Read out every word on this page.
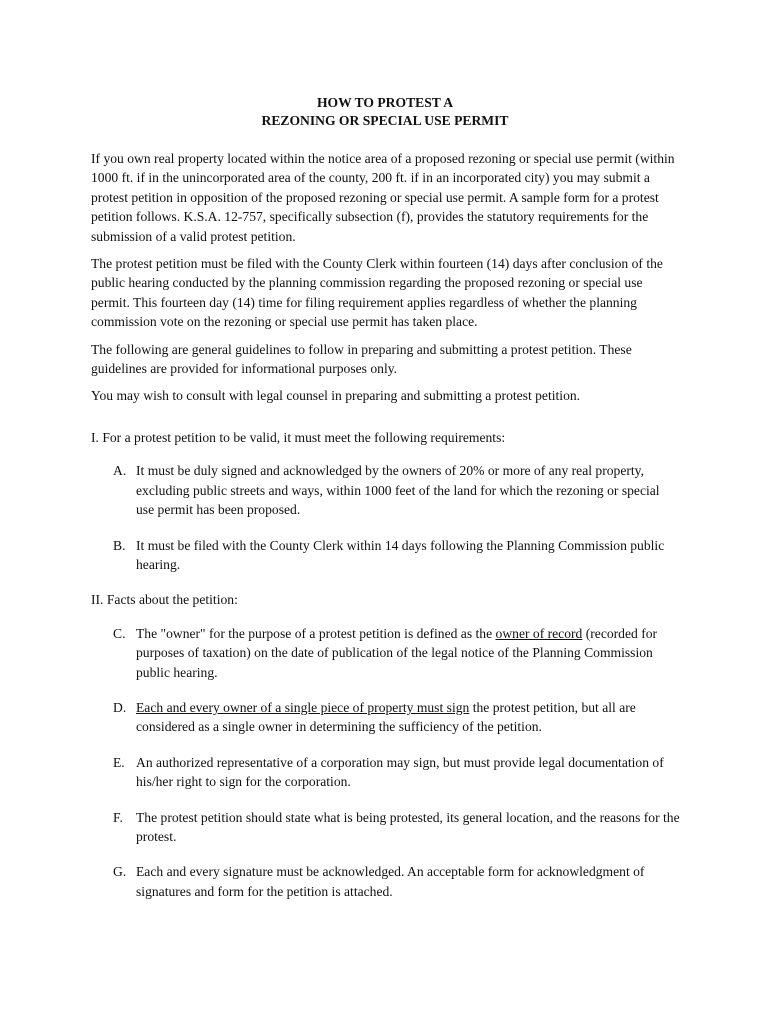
HOW TO PROTEST A
REZONING OR SPECIAL USE PERMIT

If you own real property located within the notice area of a proposed rezoning or special use permit (within 1000 ft. if in the unincorporated area of the county, 200 ft. if in an incorporated city) you may submit a protest petition in opposition of the proposed rezoning or special use permit. A sample form for a protest petition follows. K.S.A. 12-757, specifically subsection (f), provides the statutory requirements for the submission of a valid protest petition.

The protest petition must be filed with the County Clerk within fourteen (14) days after conclusion of the public hearing conducted by the planning commission regarding the proposed rezoning or special use permit. This fourteen day (14) time for filing requirement applies regardless of whether the planning commission vote on the rezoning or special use permit has taken place.

The following are general guidelines to follow in preparing and submitting a protest petition. These guidelines are provided for informational purposes only.

You may wish to consult with legal counsel in preparing and submitting a protest petition.

I. For a protest petition to be valid, it must meet the following requirements:

A. It must be duly signed and acknowledged by the owners of 20% or more of any real property, excluding public streets and ways, within 1000 feet of the land for which the rezoning or special use permit has been proposed.
B. It must be filed with the County Clerk within 14 days following the Planning Commission public hearing.

II. Facts about the petition:

C. The "owner" for the purpose of a protest petition is defined as the owner of record (recorded for purposes of taxation) on the date of publication of the legal notice of the Planning Commission public hearing.
D. Each and every owner of a single piece of property must sign the protest petition, but all are considered as a single owner in determining the sufficiency of the petition.
E. An authorized representative of a corporation may sign, but must provide legal documentation of his/her right to sign for the corporation.
F. The protest petition should state what is being protested, its general location, and the reasons for the protest.
G. Each and every signature must be acknowledged. An acceptable form for acknowledgment of signatures and form for the petition is attached.
